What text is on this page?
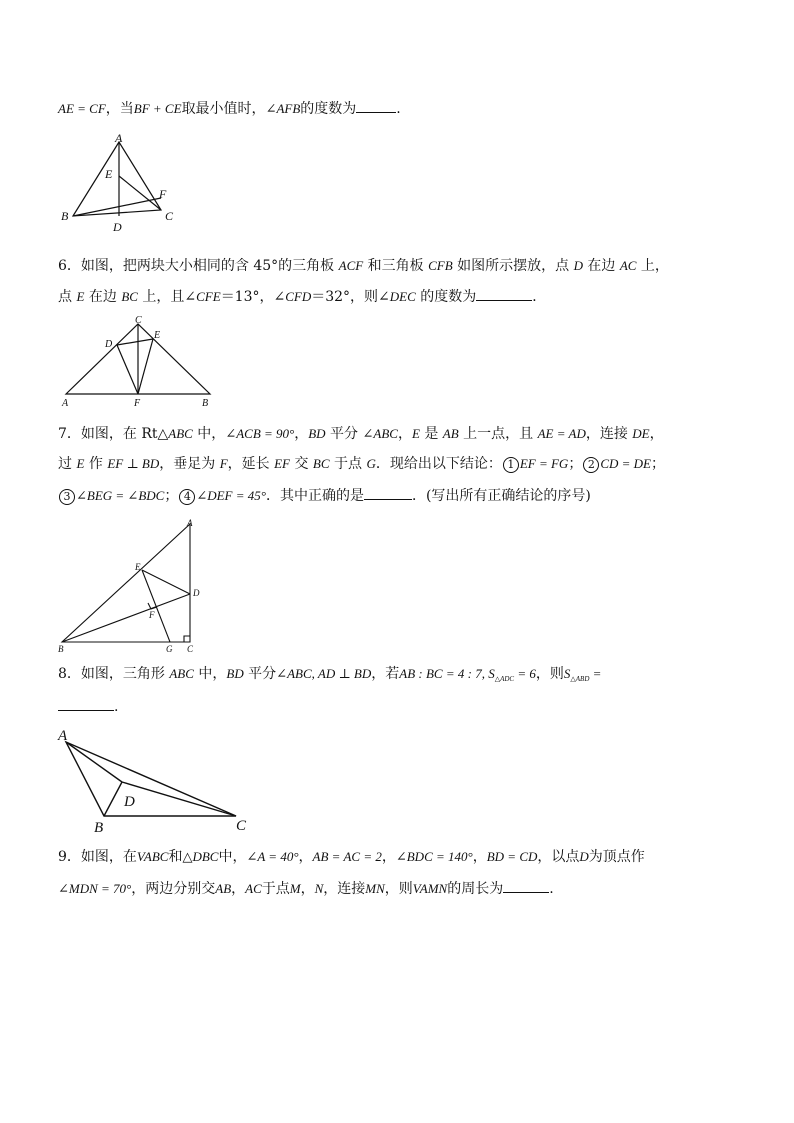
AE = CF，当BF + CE取最小值时，∠AFB的度数为	.
A
B	C
D
E
F
6．如图，把两块大小相同的含 45°的三角板 ACF 和三角板 CFB 如图所示摆放，点 D 在边 AC 上，
点 E 在边 BC 上，且∠CFE＝13°，∠CFD＝32°，则∠DEC 的度数为	．
C
D
E
A	F	B
7．如图，在 Rt△ABC 中，∠ACB = 90°，BD 平分 ∠ABC，E 是 AB 上一点，且 AE = AD，连接 DE，
过 E 作 EF ⊥ BD，垂足为 F，延长 EF 交 BC 于点 G．现给出以下结论： 1 EF = FG； 2 CD = DE；
3 ∠BEG = ∠BDC； 4 ∠DEF = 45°．其中正确的是	．(写出所有正确结论的序号)
A
E
D
F
B	G C
8．如图，三角形 ABC 中，BD 平分∠ABC, AD ⊥ BD，若AB : BC = 4 : 7, $S_{\triangle ADC} = 6$，则$S_{\triangle ABD}$ =
.
A
B	C
D
9．如图，在VABC和△DBC中，∠A = 40°，AB = AC = 2，∠BDC = 140°，BD = CD，以点D为顶点作
∠MDN = 70°，两边分别交AB，AC于点M，N，连接MN，则VAMN的周长为	.
